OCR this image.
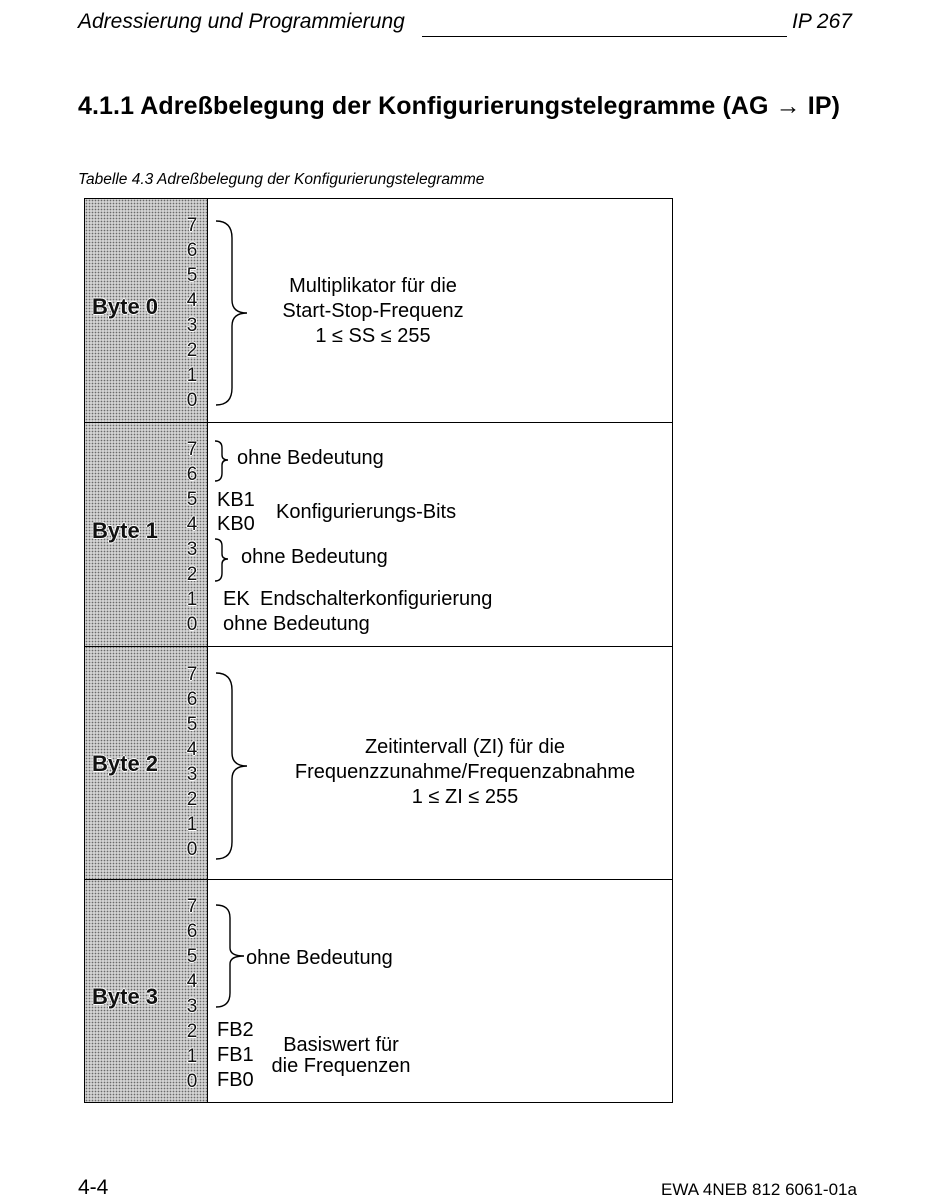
Adressierung und Programmierung	IP 267
4.1.1 Adreßbelegung der Konfigurierungstelegramme (AG → IP)
Tabelle 4.3 Adreßbelegung der Konfigurierungstelegramme
Byte 0
Byte 1
Byte 2
Byte 3
7
6
5
4
3
2
1
0
7
6
5
4
3
2
1
0
7
6
5
4
3
2
1
0
7
6
5
4
3
2
1
0
Multiplikator für die
Start-Stop-Frequenz
1 ≤ SS ≤ 255
ohne Bedeutung
KB1
KB0
Konfigurierungs-Bits
ohne Bedeutung
EK Endschalterkonfigurierung
ohne Bedeutung
Zeitintervall (ZI) für die
Frequenzzunahme/Frequenzabnahme
1 ≤ ZI ≤ 255
ohne Bedeutung
FB2
FB1
FB0
Basiswert für
die Frequenzen
4-4	EWA 4NEB 812 6061-01a
